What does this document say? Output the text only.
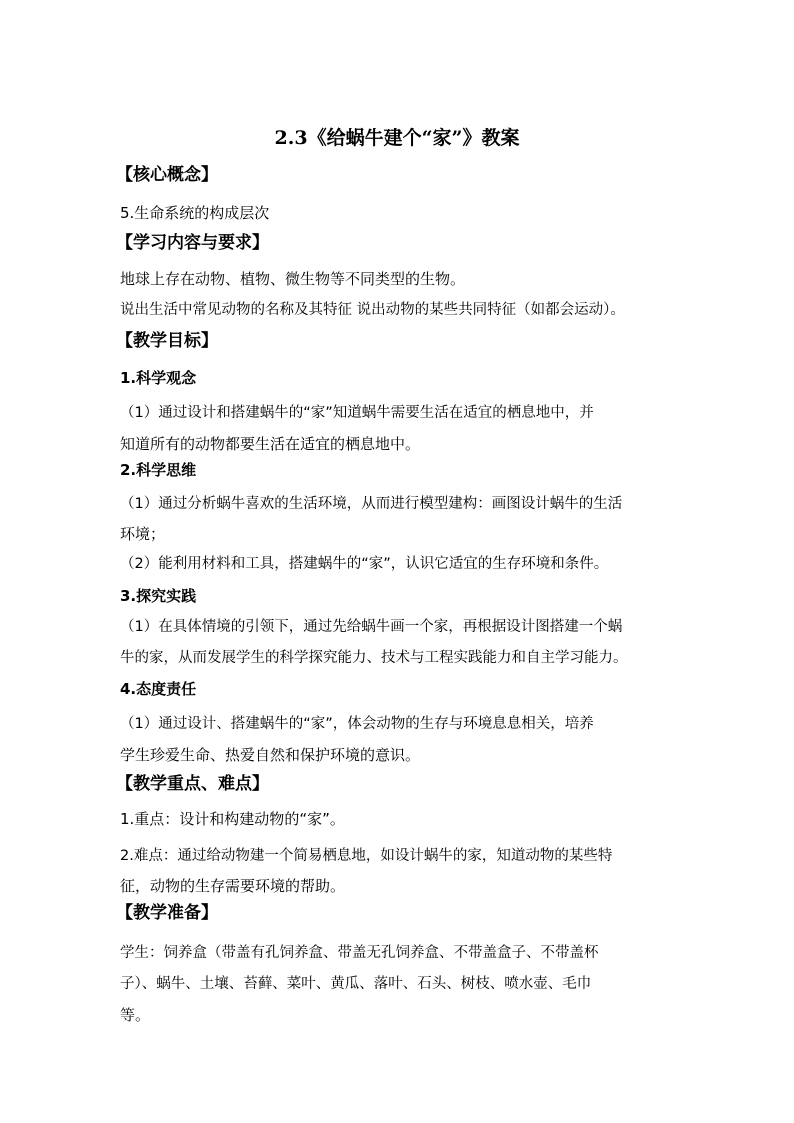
2.3《给蜗牛建个“家”》教案
【核心概念】
5.生命系统的构成层次
【学习内容与要求】
地球上存在动物、植物、微生物等不同类型的生物。
说出生活中常见动物的名称及其特征 说出动物的某些共同特征（如都会运动）。
【教学目标】
1.科学观念
（1）通过设计和搭建蜗牛的“家”知道蜗牛需要生活在适宜的栖息地中，并
知道所有的动物都要生活在适宜的栖息地中。
2.科学思维
（1）通过分析蜗牛喜欢的生活环境，从而进行模型建构：画图设计蜗牛的生活
环境；
（2）能利用材料和工具，搭建蜗牛的“家”，认识它适宜的生存环境和条件。
3.探究实践
（1）在具体情境的引领下，通过先给蜗牛画一个家，再根据设计图搭建一个蜗
牛的家，从而发展学生的科学探究能力、技术与工程实践能力和自主学习能力。
4.态度责任
（1）通过设计、搭建蜗牛的“家”，体会动物的生存与环境息息相关，培养
学生珍爱生命、热爱自然和保护环境的意识。
【教学重点、难点】
1.重点：设计和构建动物的“家”。
2.难点：通过给动物建一个简易栖息地，如设计蜗牛的家，知道动物的某些特
征，动物的生存需要环境的帮助。
【教学准备】
学生：饲养盒（带盖有孔饲养盒、带盖无孔饲养盒、不带盖盒子、不带盖杯
子）、蜗牛、土壤、苔藓、菜叶、黄瓜、落叶、石头、树枝、喷水壶、毛巾
等。
